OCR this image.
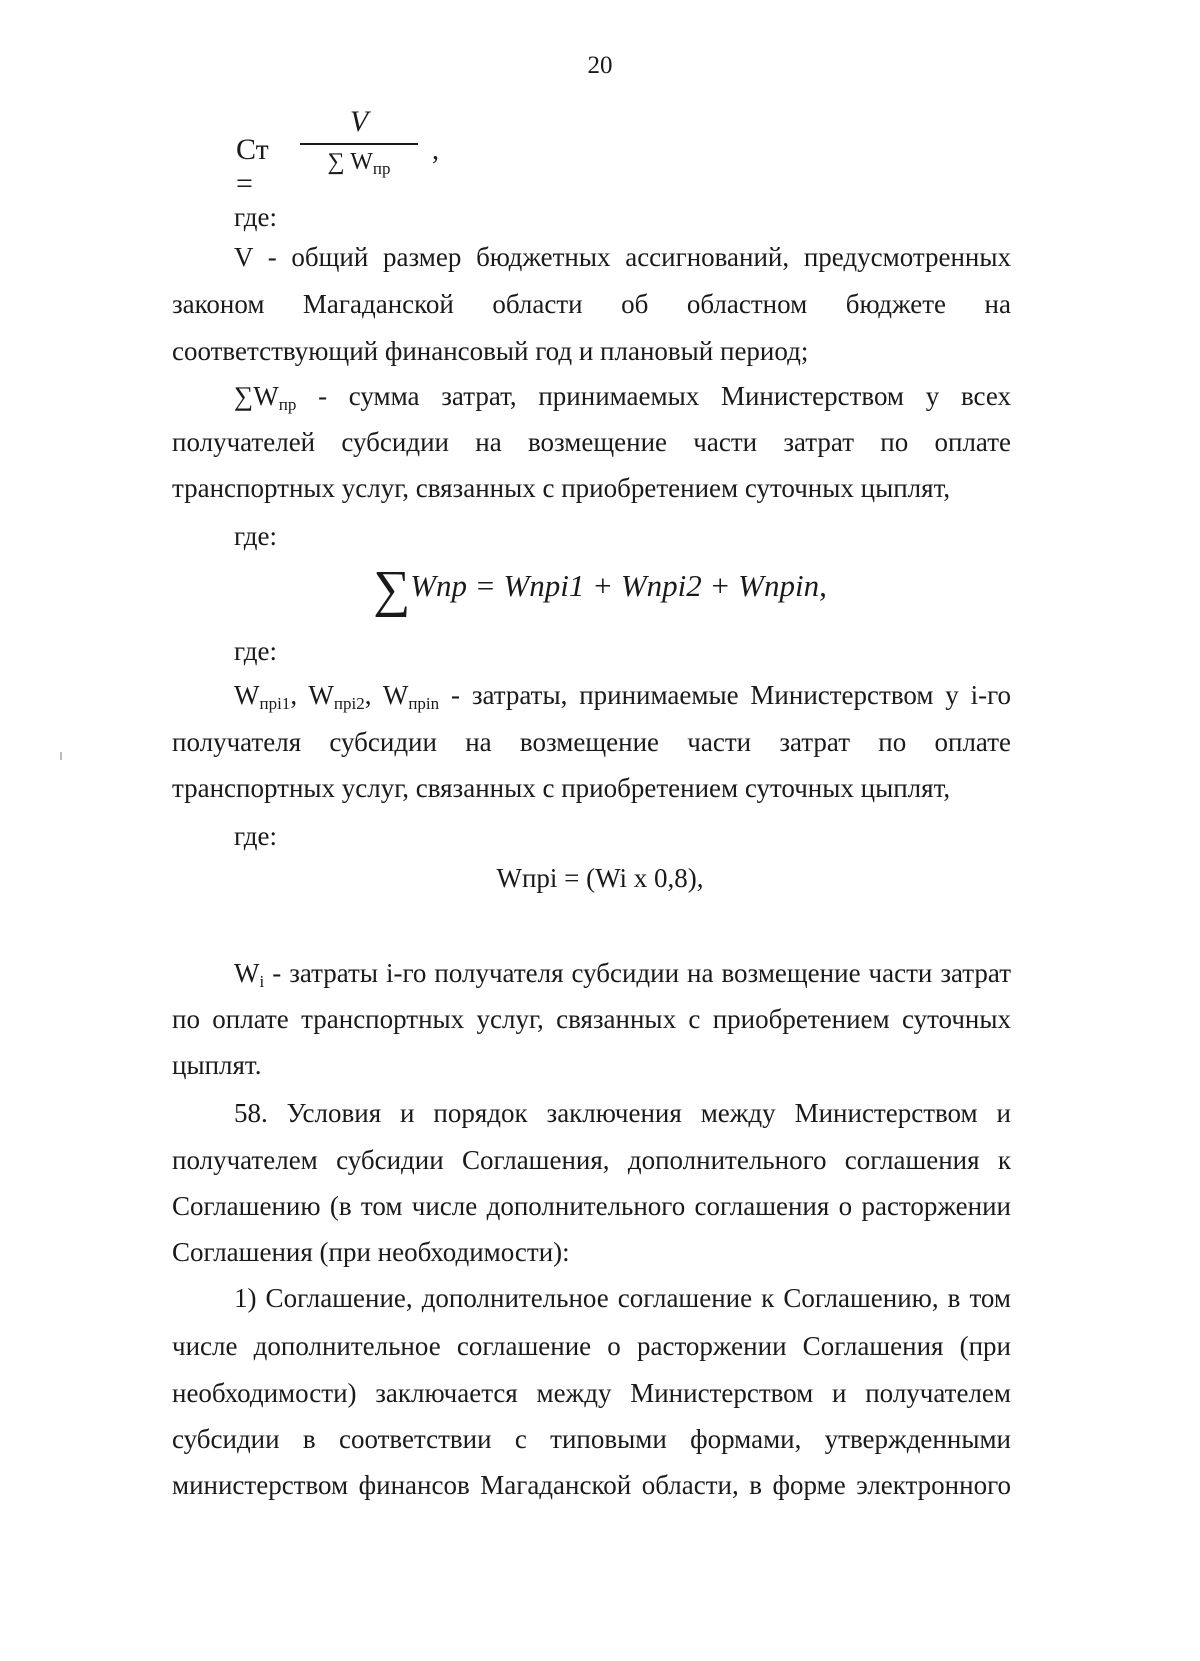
20
Ст =
V
∑ $W_{пр}$
,
где:
V - общий размер бюджетных ассигнований, предусмотренных
законом Магаданской области об областном бюджете на
соответствующий финансовый год и плановый период;
$\sum W_{пр}$ - сумма затрат, принимаемых Министерством у всех
получателей субсидии на возмещение части затрат по оплате
транспортных услуг, связанных с приобретением суточных цыплят,
где:
∑Wnp = Wnpi1 + Wnpi2 + Wnpin,
где:
$W_{пpi1}$, $W_{пpi2}$, $W_{пpin}$ - затраты, принимаемые Министерством у i-го
получателя субсидии на возмещение части затрат по оплате
транспортных услуг, связанных с приобретением суточных цыплят,
где:
Wпpi = (Wi x 0,8),
$W_i$ - затраты i-го получателя субсидии на возмещение части затрат
по оплате транспортных услуг, связанных с приобретением суточных
цыплят.
58. Условия и порядок заключения между Министерством и
получателем субсидии Соглашения, дополнительного соглашения к
Соглашению (в том числе дополнительного соглашения о расторжении
Соглашения (при необходимости):
1) Соглашение, дополнительное соглашение к Соглашению, в том
числе дополнительное соглашение о расторжении Соглашения (при
необходимости) заключается между Министерством и получателем
субсидии в соответствии с типовыми формами, утвержденными
министерством финансов Магаданской области, в форме электронного
